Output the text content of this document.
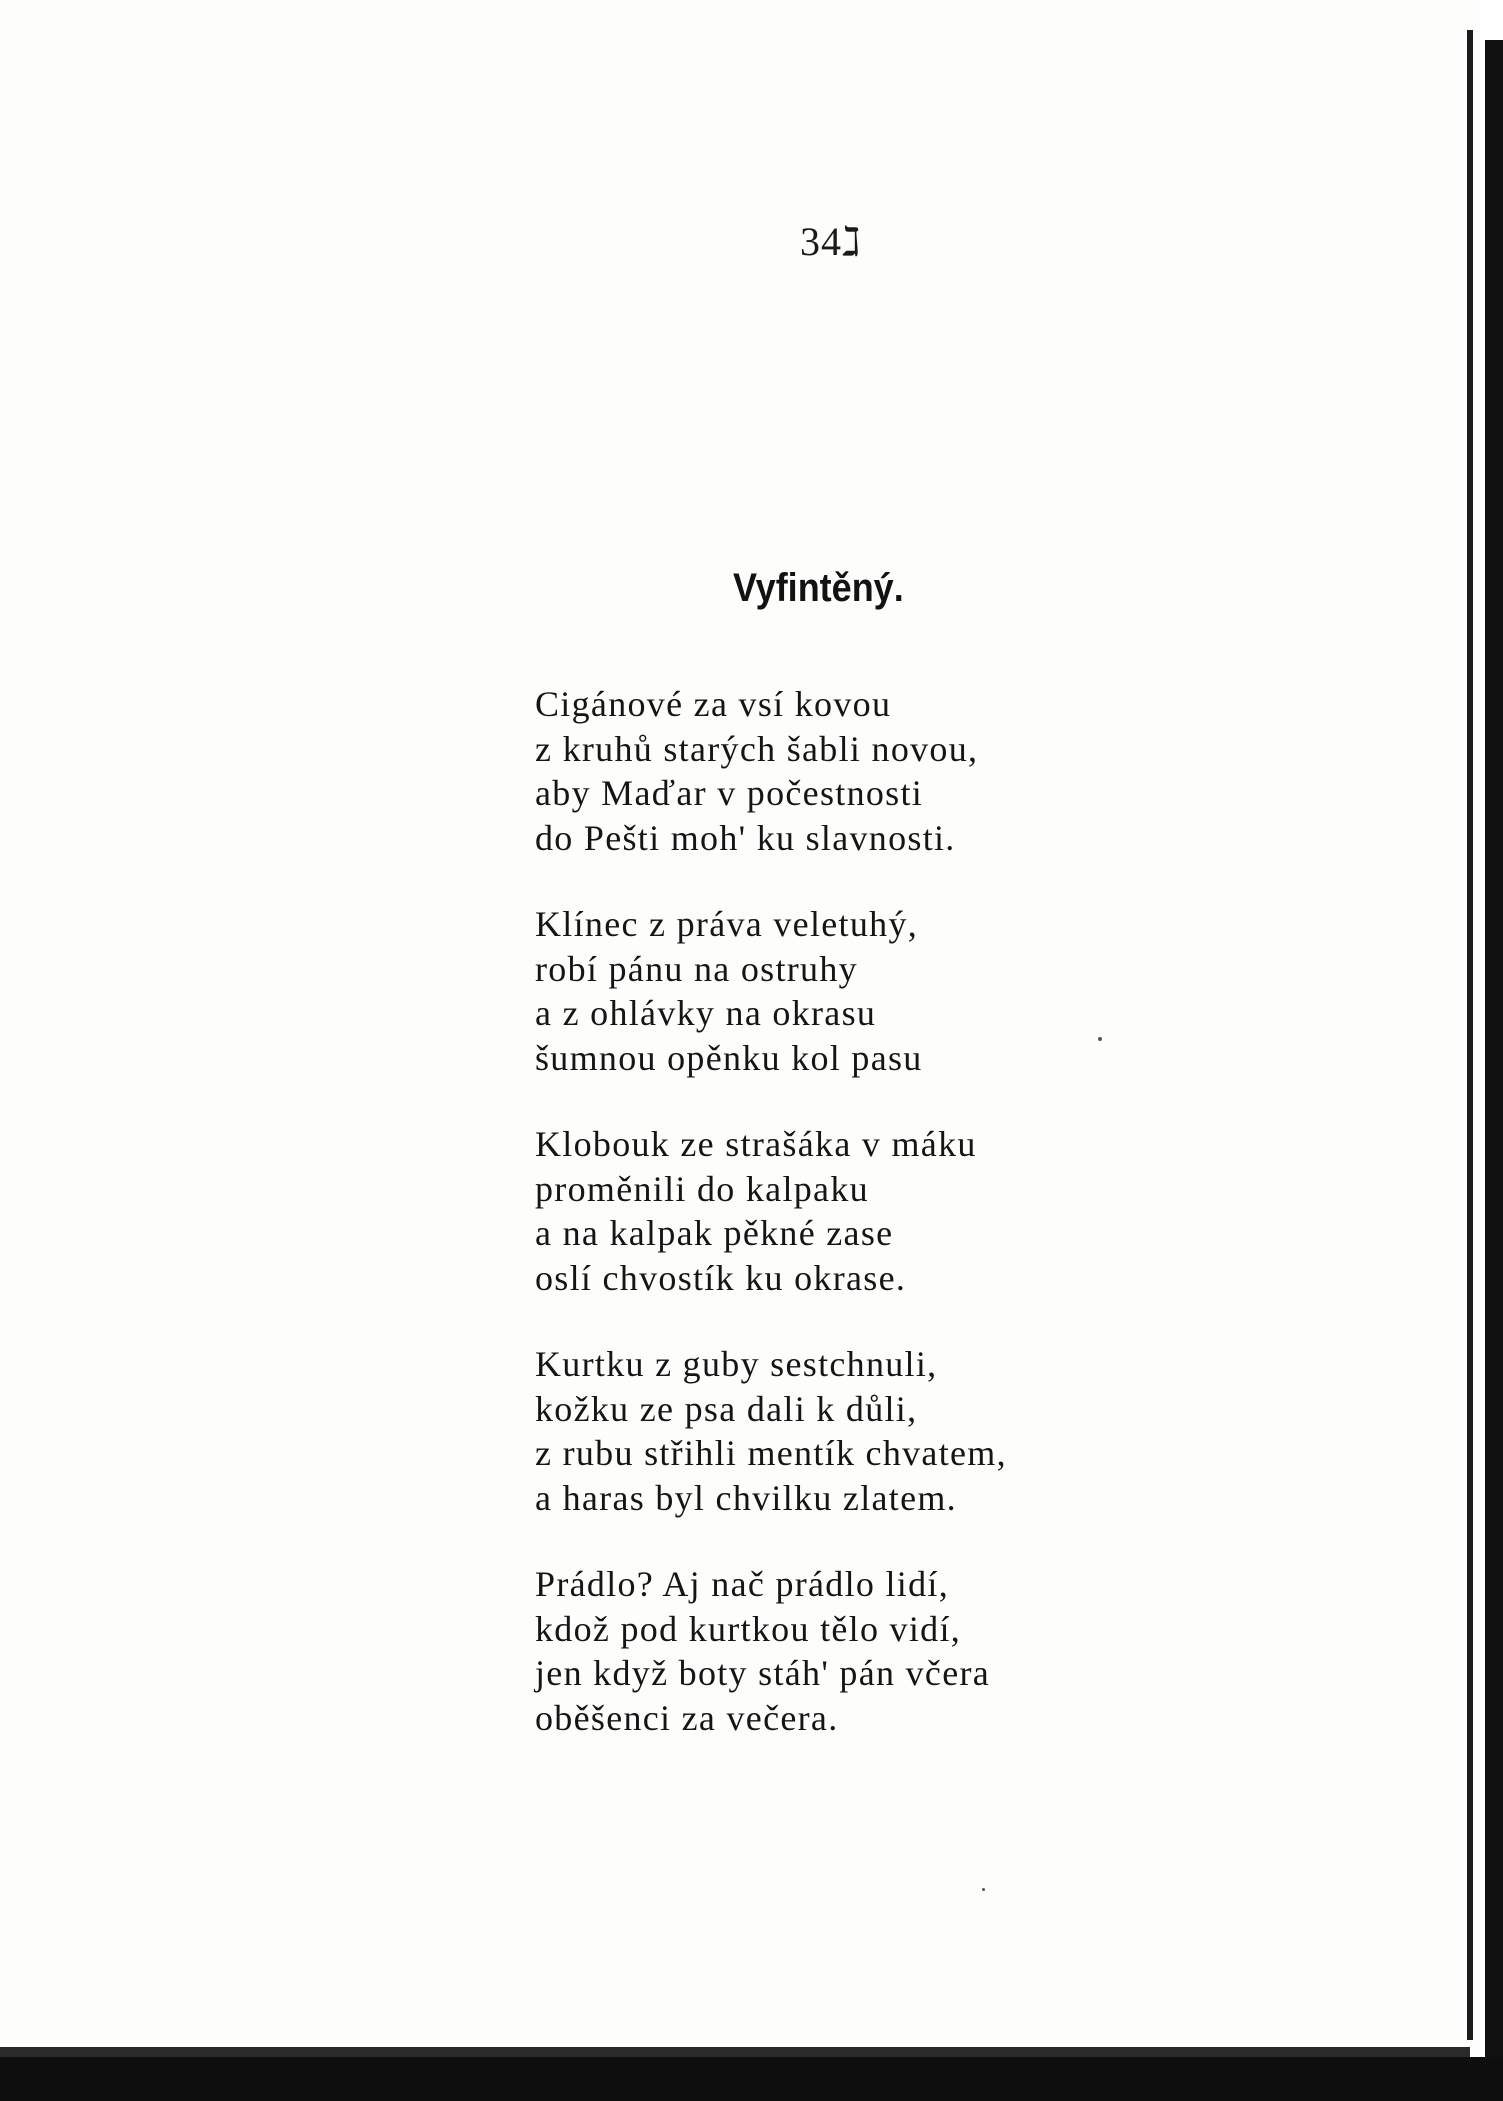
34ℷ
Vyfintěný.
Cigánové za vsí kovou
z kruhů starých šabli novou,
aby Maďar v počestnosti
do Pešti moh' ku slavnosti.
Klínec z práva veletuhý,
robí pánu na ostruhy
a z ohlávky na okrasu
šumnou opěnku kol pasu
Klobouk ze strašáka v máku
proměnili do kalpaku
a na kalpak pěkné zase
oslí chvostík ku okrase.
Kurtku z guby sestchnuli,
kožku ze psa dali k důli,
z rubu střihli mentík chvatem,
a haras byl chvilku zlatem.
Prádlo? Aj nač prádlo lidí,
kdož pod kurtkou tělo vidí,
jen když boty stáh' pán včera
oběšenci za večera.
